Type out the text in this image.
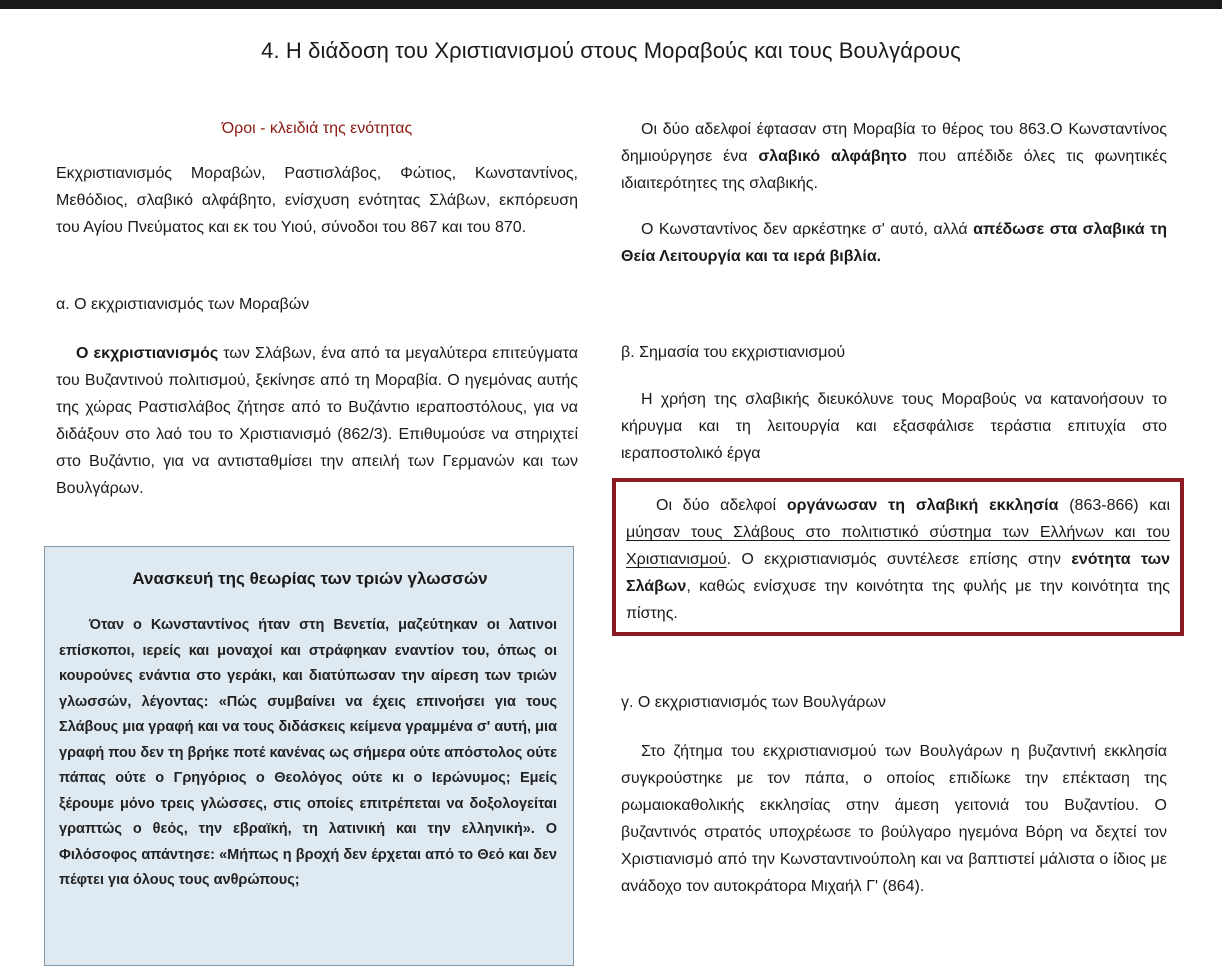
4. Η διάδοση του Χριστιανισμού στους Μοραβούς και τους Βουλγάρους
Όροι - κλειδιά της ενότητας

Εκχριστιανισμός Μοραβών, Ραστισλάβος, Φώτιος, Κωνσταντίνος, Μεθόδιος, σλαβικό αλφάβητο, ενίσχυση ενότητας Σλάβων, εκπόρευση του Αγίου Πνεύματος και εκ του Υιού, σύνοδοι του 867 και του 870.

α. Ο εκχριστιανισμός των Μοραβών

Ο εκχριστιανισμός των Σλάβων, ένα από τα μεγαλύτερα επιτεύγματα του Βυζαντινού πολιτισμού, ξεκίνησε από τη Μοραβία. Ο ηγεμόνας αυτής της χώρας Ραστισλάβος ζήτησε από το Βυζάντιο ιεραποστόλους, για να διδάξουν στο λαό του το Χριστιανισμό (862/3). Επιθυμούσε να στηριχτεί στο Βυζάντιο, για να αντισταθμίσει την απειλή των Γερμανών και των Βουλγάρων.

Ανασκευή της θεωρίας των τριών γλωσσών

Όταν ο Κωνσταντίνος ήταν στη Βενετία, μαζεύτηκαν οι λατινοι επίσκοποι, ιερείς και μοναχοί και στράφηκαν εναντίον του, όπως οι κουρούνες ενάντια στο γεράκι, και διατύπωσαν την αίρεση των τριών γλωσσών, λέγοντας: «Πώς συμβαίνει να έχεις επινοήσει για τους Σλάβους μια γραφή και να τους διδάσκεις κείμενα γραμμένα σ' αυτή, μια γραφή που δεν τη βρήκε ποτέ κανένας ως σήμερα ούτε απόστολος ούτε πάπας ούτε ο Γρηγόριος ο Θεολόγος ούτε κι ο Ιερώνυμος; Εμείς ξέρουμε μόνο τρεις γλώσσες, στις οποίες επιτρέπεται να δοξολογείται γραπτώς ο θεός, την εβραϊκή, τη λατινική και την ελληνική». Ο Φιλόσοφος απάντησε: «Μήπως η βροχή δεν έρχεται από το Θεό και δεν πέφτει για όλους τους ανθρώπους;

Οι δύο αδελφοί έφτασαν στη Μοραβία το θέρος του 863.Ο Κωνσταντίνος δημιούργησε ένα σλαβικό αλφάβητο που απέδιδε όλες τις φωνητικές ιδιαιτερότητες της σλαβικής.

Ο Κωνσταντίνος δεν αρκέστηκε σ' αυτό, αλλά απέδωσε στα σλαβικά τη Θεία Λειτουργία και τα ιερά βιβλία.

β. Σημασία του εκχριστιανισμού

Η χρήση της σλαβικής διευκόλυνε τους Μοραβούς να κατανοήσουν το κήρυγμα και τη λειτουργία και εξασφάλισε τεράστια επιτυχία στο ιεραποστολικό έργα

γ. Ο εκχριστιανισμός των Βουλγάρων

Στο ζήτημα του εκχριστιανισμού των Βουλγάρων η βυζαντινή εκκλησία συγκρούστηκε με τον πάπα, ο οποίος επιδίωκε την επέκταση της ρωμαιοκαθολικής εκκλησίας στην άμεση γειτονιά του Βυζαντίου. Ο βυζαντινός στρατός υποχρέωσε το βούλγαρο ηγεμόνα Βόρη να δεχτεί τον Χριστιανισμό από την Κωνσταντινούπολη και να βαπτιστεί μάλιστα ο ίδιος με ανάδοχο τον αυτοκράτορα Μιχαήλ Γ' (864).

Οι δύο αδελφοί οργάνωσαν τη σλαβική εκκλησία (863-866) και μύησαν τους Σλάβους στο πολιτιστικό σύστημα των Ελλήνων και του Χριστιανισμού. Ο εκχριστιανισμός συντέλεσε επίσης στην ενότητα των Σλάβων, καθώς ενίσχυσε την κοινότητα της φυλής με την κοινότητα της πίστης.
